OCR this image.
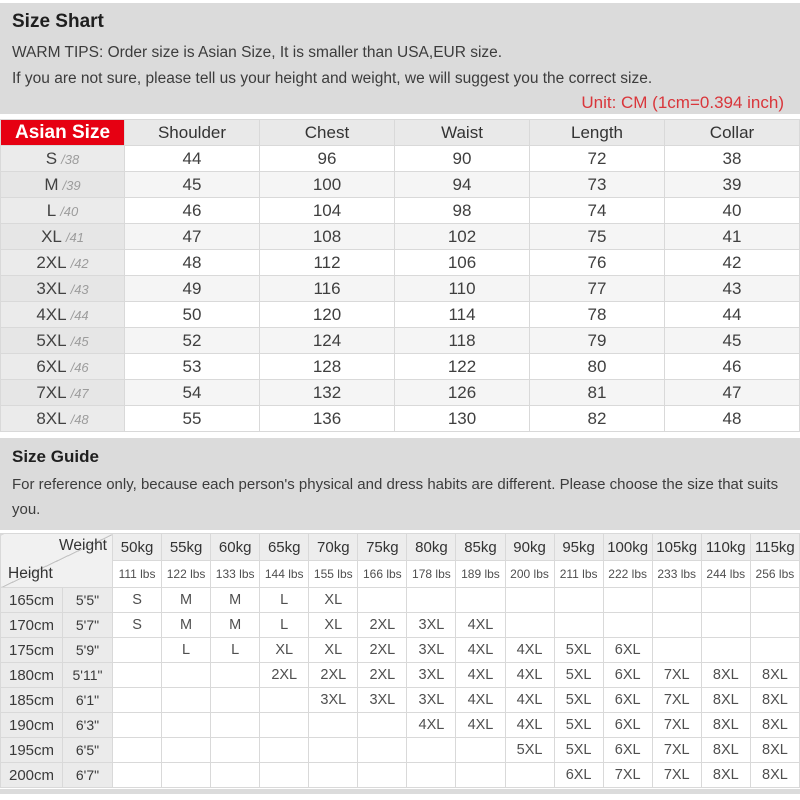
Size Shart

WARM TIPS: Order size is Asian Size, It is smaller than USA,EUR size.

If you are not sure, please tell us your height and weight, we will suggest you the correct size.

Unit: CM (1cm=0.394 inch)
Asian Size	Shoulder	Chest	Waist	Length	Collar
S /38	44	96	90	72	38
M /39	45	100	94	73	39
L /40	46	104	98	74	40
XL /41	47	108	102	75	41
2XL /42	48	112	106	76	42
3XL /43	49	116	110	77	43
4XL /44	50	120	114	78	44
5XL /45	52	124	118	79	45
6XL /46	53	128	122	80	46
7XL /47	54	132	126	81	47
8XL /48	55	136	130	82	48
Size Guide

For reference only, because each person's physical and dress habits are different. Please choose the size that suits you.

Weight
Height		50kg	55kg	60kg	65kg	70kg	75kg	80kg	85kg	90kg	95kg	100kg	105kg	110kg	115kg
		111 lbs	122 lbs	133 lbs	144 lbs	155 lbs	166 lbs	178 lbs	189 lbs	200 lbs	211 lbs	222 lbs	233 lbs	244 lbs	256 lbs
165cm	5'5"	S	M	M	L	XL									
170cm	5'7"	S	M	M	L	XL	2XL	3XL	4XL						
175cm	5'9"		L	L	XL	XL	2XL	3XL	4XL	4XL	5XL	6XL			
180cm	5'11"				2XL	2XL	2XL	3XL	4XL	4XL	5XL	6XL	7XL	8XL	8XL
185cm	6'1"					3XL	3XL	3XL	4XL	4XL	5XL	6XL	7XL	8XL	8XL
190cm	6'3"							4XL	4XL	4XL	5XL	6XL	7XL	8XL	8XL
195cm	6'5"									5XL	5XL	6XL	7XL	8XL	8XL
200cm	6'7"										6XL	7XL	7XL	8XL	8XL
